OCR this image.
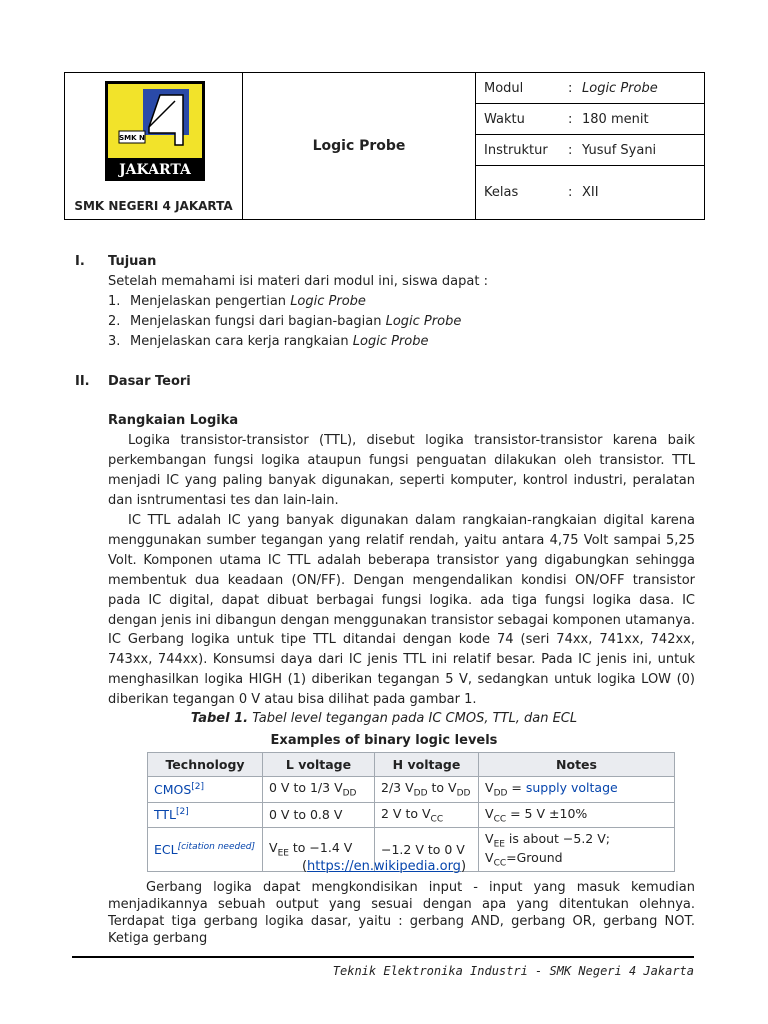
SMK N
JAKARTA
SMK NEGERI 4 JAKARTA
Logic Probe
Modul	: Logic Probe
Waktu	: 180 menit
Instruktur	: Yusuf Syani
Kelas	: XII
I. Tujuan
Setelah memahami isi materi dari modul ini, siswa dapat :
1. Menjelaskan pengertian Logic Probe
2. Menjelaskan fungsi dari bagian-bagian Logic Probe
3. Menjelaskan cara kerja rangkaian Logic Probe
II. Dasar Teori
Rangkaian Logika
Logika transistor-transistor (TTL), disebut logika transistor-transistor karena baik perkembangan fungsi logika ataupun fungsi penguatan dilakukan oleh transistor. TTL menjadi IC yang paling banyak digunakan, seperti komputer, kontrol industri, peralatan dan isntrumentasi tes dan lain-lain.
IC TTL adalah IC yang banyak digunakan dalam rangkaian-rangkaian digital karena menggunakan sumber tegangan yang relatif rendah, yaitu antara 4,75 Volt sampai 5,25 Volt. Komponen utama IC TTL adalah beberapa transistor yang digabungkan sehingga membentuk dua keadaan (ON/FF). Dengan mengendalikan kondisi ON/OFF transistor pada IC digital, dapat dibuat berbagai fungsi logika. ada tiga fungsi logika dasa. IC dengan jenis ini dibangun dengan menggunakan transistor sebagai komponen utamanya. IC Gerbang logika untuk tipe TTL ditandai dengan kode 74 (seri 74xx, 741xx, 742xx, 743xx, 744xx). Konsumsi daya dari IC jenis TTL ini relatif besar. Pada IC jenis ini, untuk menghasilkan logika HIGH (1) diberikan tegangan 5 V, sedangkan untuk logika LOW (0) diberikan tegangan 0 V atau bisa dilihat pada gambar 1.
Tabel 1. Tabel level tegangan pada IC CMOS, TTL, dan ECL
Examples of binary logic levels
Technology	L voltage	H voltage	Notes
CMOS[2]	0 V to 1/3 $V_{DD}$	2/3 $V_{DD}$ to $V_{DD}$	$V_{DD}$ = supply voltage
TTL[2]	0 V to 0.8 V	2 V to $V_{CC}$	$V_{CC} = 5$ V ±10%
ECL[citation needed]	$V_{EE}$ to −1.4 V	−1.2 V to 0 V	$V_{EE}$ is about −5.2 V; $V_{CC}=Ground$
(https://en.wikipedia.org)
Gerbang logika dapat mengkondisikan input - input yang masuk kemudian menjadikannya sebuah output yang sesuai dengan apa yang ditentukan olehnya. Terdapat tiga gerbang logika dasar, yaitu : gerbang AND, gerbang OR, gerbang NOT. Ketiga gerbang
Teknik Elektronika Industri - SMK Negeri 4 Jakarta
